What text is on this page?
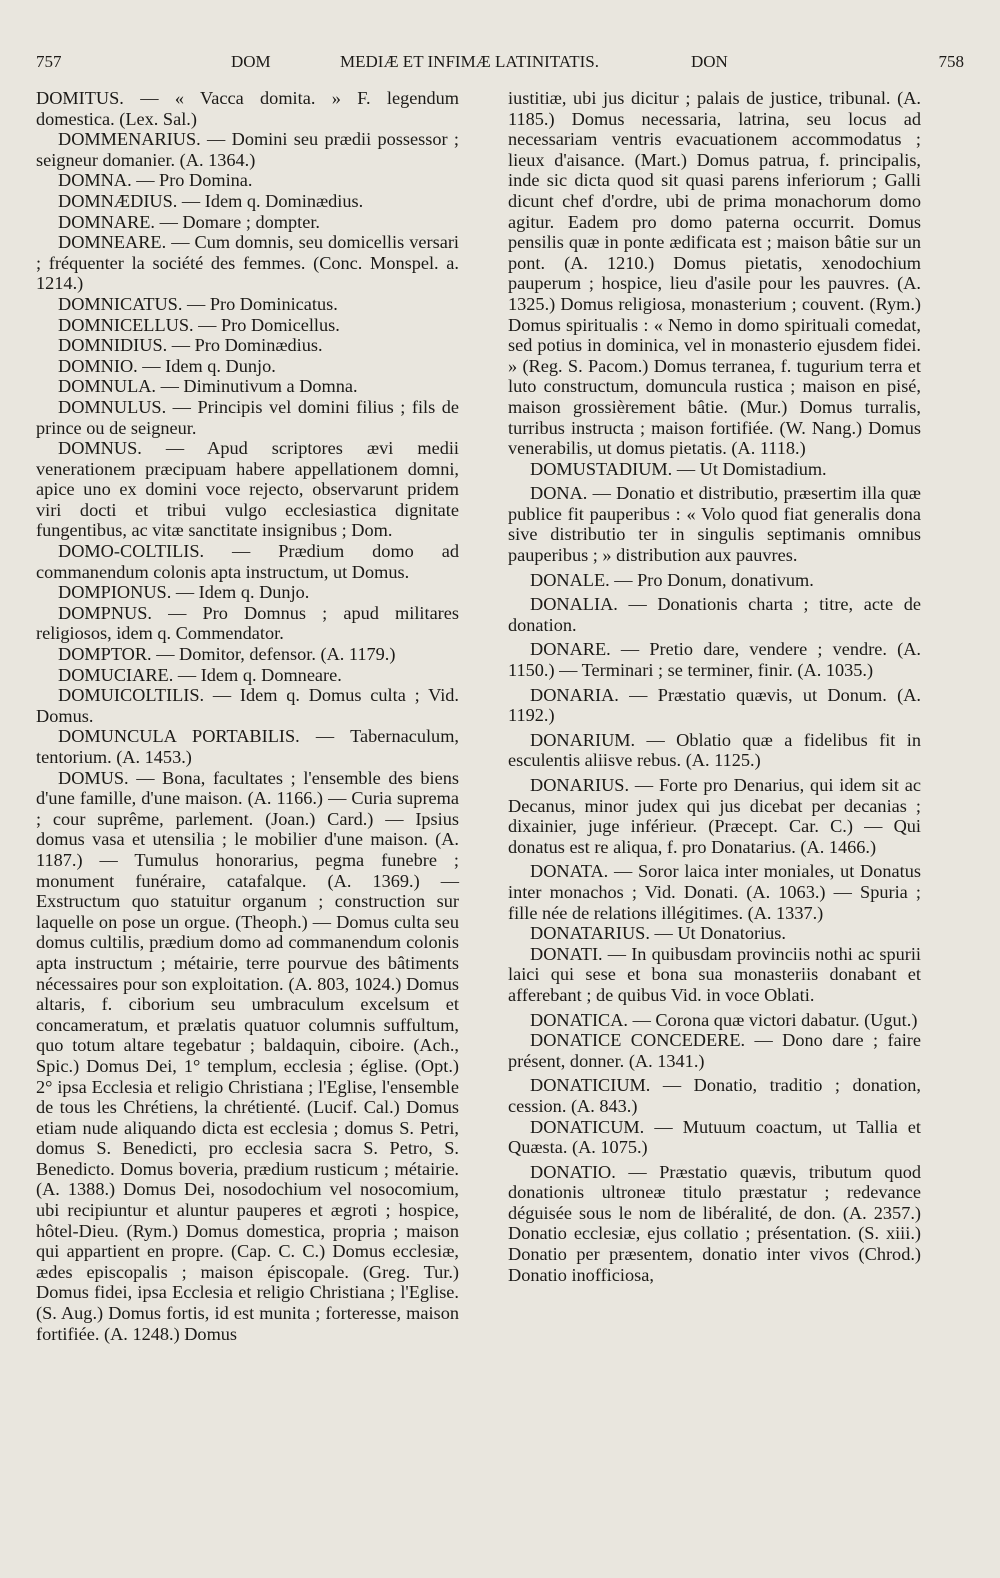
757	DOM	MEDIÆ ET INFIMÆ LATINITATIS.	DON	758

DOMITUS. — « Vacca domita. » F. legendum domestica. (Lex. Sal.)

DOMMENARIUS. — Domini seu prædii possessor ; seigneur domanier. (A. 1364.)

DOMNA. — Pro Domina.

DOMNÆDIUS. — Idem q. Dominædius.

DOMNARE. — Domare ; dompter.

DOMNEARE. — Cum domnis, seu domicellis versari ; fréquenter la société des femmes. (Conc. Monspel. a. 1214.)

DOMNICATUS. — Pro Dominicatus.

DOMNICELLUS. — Pro Domicellus.

DOMNIDIUS. — Pro Dominædius.

DOMNIO. — Idem q. Dunjo.

DOMNULA. — Diminutivum a Domna.

DOMNULUS. — Principis vel domini filius ; fils de prince ou de seigneur.

DOMNUS. — Apud scriptores ævi medii venerationem præcipuam habere appellationem domni, apice uno ex domini voce rejecto, observarunt pridem viri docti et tribui vulgo ecclesiastica dignitate fungentibus, ac vitæ sanctitate insignibus ; Dom.

DOMO-COLTILIS. — Prædium domo ad commanendum colonis apta instructum, ut Domus.

DOMPIONUS. — Idem q. Dunjo.

DOMPNUS. — Pro Domnus ; apud militares religiosos, idem q. Commendator.

DOMPTOR. — Domitor, defensor. (A. 1179.)

DOMUCIARE. — Idem q. Domneare.

DOMUICOLTILIS. — Idem q. Domus culta ; Vid. Domus.

DOMUNCULA PORTABILIS. — Tabernaculum, tentorium. (A. 1453.)

DOMUS. — Bona, facultates ; l'ensemble des biens d'une famille, d'une maison. (A. 1166.) — Curia suprema ; cour suprême, parlement. (Joan.) Card.) — Ipsius domus vasa et utensilia ; le mobilier d'une maison. (A. 1187.) — Tumulus honorarius, pegma funebre ; monument funéraire, catafalque. (A. 1369.) — Exstructum quo statuitur organum ; construction sur laquelle on pose un orgue. (Theoph.) — Domus culta seu domus cultilis, prædium domo ad commanendum colonis apta instructum ; métairie, terre pourvue des bâtiments nécessaires pour son exploitation. (A. 803, 1024.) Domus altaris, f. ciborium seu umbraculum excelsum et concameratum, et prælatis quatuor columnis suffultum, quo totum altare tegebatur ; baldaquin, ciboire. (Ach., Spic.) Domus Dei, 1° templum, ecclesia ; église. (Opt.) 2° ipsa Ecclesia et religio Christiana ; l'Eglise, l'ensemble de tous les Chrétiens, la chrétienté. (Lucif. Cal.) Domus etiam nude aliquando dicta est ecclesia ; domus S. Petri, domus S. Benedicti, pro ecclesia sacra S. Petro, S. Benedicto. Domus boveria, prædium rusticum ; métairie. (A. 1388.) Domus Dei, nosodochium vel nosocomium, ubi recipiuntur et aluntur pauperes et ægroti ; hospice, hôtel-Dieu. (Rym.) Domus domestica, propria ; maison qui appartient en propre. (Cap. C. C.) Domus ecclesiæ, ædes episcopalis ; maison épiscopale. (Greg. Tur.) Domus fidei, ipsa Ecclesia et religio Christiana ; l'Eglise. (S. Aug.) Domus fortis, id est munita ; forteresse, maison fortifiée. (A. 1248.) Domus

iustitiæ, ubi jus dicitur ; palais de justice, tribunal. (A. 1185.) Domus necessaria, latrina, seu locus ad necessariam ventris evacuationem accommodatus ; lieux d'aisance. (Mart.) Domus patrua, f. principalis, inde sic dicta quod sit quasi parens inferiorum ; Galli dicunt chef d'ordre, ubi de prima monachorum domo agitur. Eadem pro domo paterna occurrit. Domus pensilis quæ in ponte ædificata est ; maison bâtie sur un pont. (A. 1210.) Domus pietatis, xenodochium pauperum ; hospice, lieu d'asile pour les pauvres. (A. 1325.) Domus religiosa, monasterium ; couvent. (Rym.) Domus spiritualis : « Nemo in domo spirituali comedat, sed potius in dominica, vel in monasterio ejusdem fidei. » (Reg. S. Pacom.) Domus terranea, f. tugurium terra et luto constructum, domunculа rustica ; maison en pisé, maison grossièrement bâtie. (Mur.) Domus turralis, turribus instructa ; maison fortifiée. (W. Nang.) Domus venerabilis, ut domus pietatis. (A. 1118.)

DOMUSTADIUM. — Ut Domistadium.

DONA. — Donatio et distributio, præsertim illa quæ publice fit pauperibus : « Volo quod fiat generalis dona sive distributio ter in singulis septimanis omnibus pauperibus ; » distribution aux pauvres.

DONALE. — Pro Donum, donativum.

DONALIA. — Donationis charta ; titre, acte de donation.

DONARE. — Pretio dare, vendere ; vendre. (A. 1150.) — Terminari ; se terminer, finir. (A. 1035.)

DONARIA. — Præstatio quævis, ut Donum. (A. 1192.)

DONARIUM. — Oblatio quæ a fidelibus fit in esculentis aliisve rebus. (A. 1125.)

DONARIUS. — Forte pro Denarius, qui idem sit ac Decanus, minor judex qui jus dicebat per decanias ; dixainier, juge inférieur. (Præcept. Car. C.) — Qui donatus est re aliqua, f. pro Donatarius. (A. 1466.)

DONATA. — Soror laica inter moniales, ut Donatus inter monachos ; Vid. Donati. (A. 1063.) — Spuria ; fille née de relations illégitimes. (A. 1337.)

DONATARIUS. — Ut Donatorius.

DONATI. — In quibusdam provinciis nothi ac spurii laici qui sese et bona sua monasteriis donabant et afferebant ; de quibus Vid. in voce Oblati.

DONATICA. — Corona quæ victori dabatur. (Ugut.)

DONATICE CONCEDERE. — Dono dare ; faire présent, donner. (A. 1341.)

DONATICIUM. — Donatio, traditio ; donation, cession. (A. 843.)

DONATICUM. — Mutuum coactum, ut Tallia et Quæsta. (A. 1075.)

DONATIO. — Præstatio quævis, tributum quod donationis ultroneæ titulo præstatur ; redevance déguisée sous le nom de libéralité, de don. (A. 2357.) Donatio ecclesiæ, ejus collatio ; présentation. (S. xiii.) Donatio per præsentem, donatio inter vivos (Chrod.) Donatio inofficiosa,
